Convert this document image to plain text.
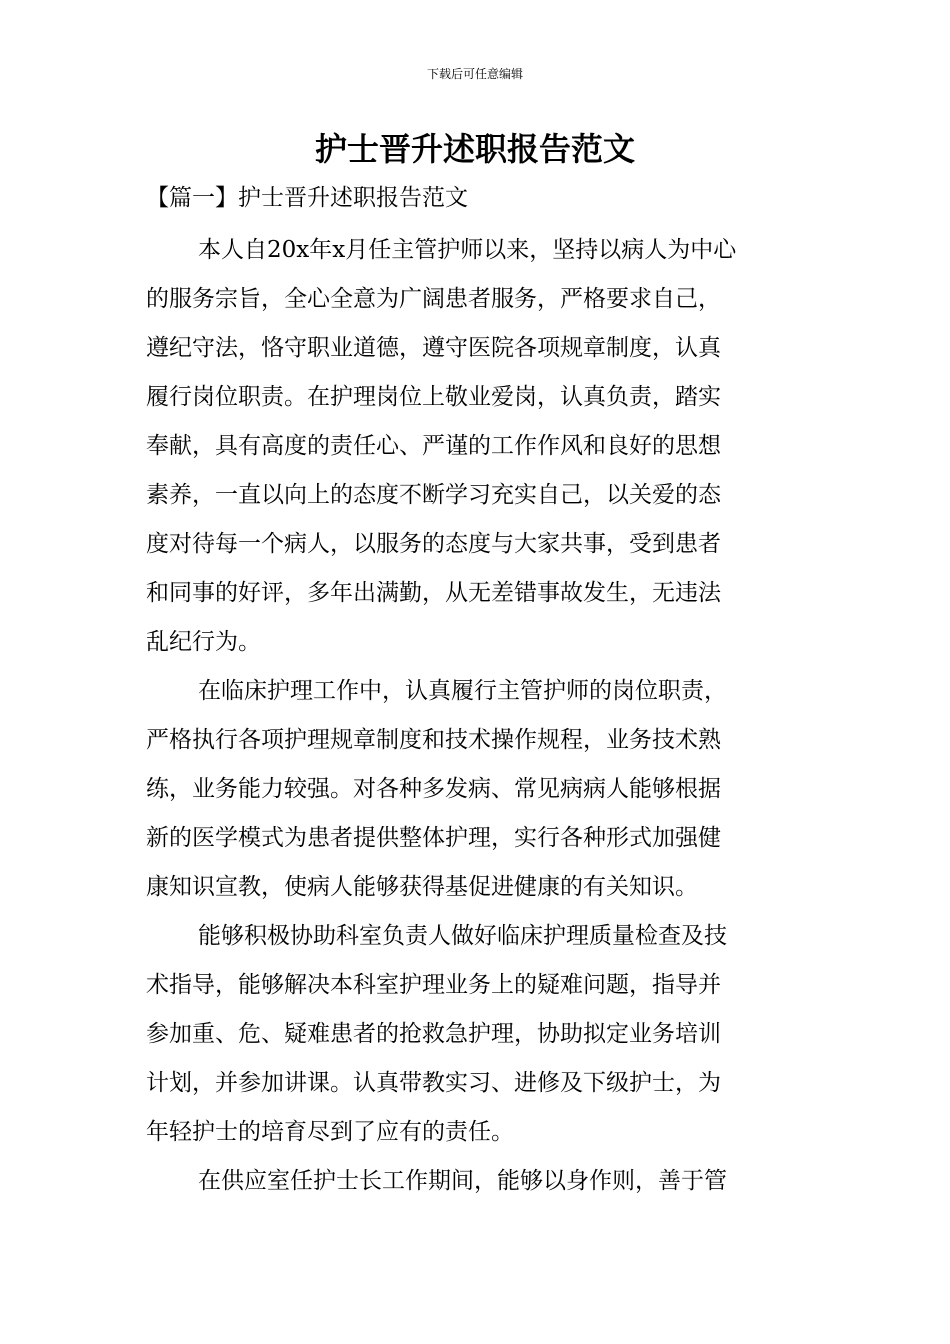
下载后可任意编辑
护士晋升述职报告范文
【篇一】护士晋升述职报告范文
本人自20x年x月任主管护师以来，坚持以病人为中心
的服务宗旨，全心全意为广阔患者服务，严格要求自己，
遵纪守法，恪守职业道德，遵守医院各项规章制度，认真
履行岗位职责。在护理岗位上敬业爱岗，认真负责，踏实
奉献，具有高度的责任心、严谨的工作作风和良好的思想
素养，一直以向上的态度不断学习充实自己，以关爱的态
度对待每一个病人，以服务的态度与大家共事，受到患者
和同事的好评，多年出满勤，从无差错事故发生，无违法
乱纪行为。
在临床护理工作中，认真履行主管护师的岗位职责，
严格执行各项护理规章制度和技术操作规程，业务技术熟
练，业务能力较强。对各种多发病、常见病病人能够根据
新的医学模式为患者提供整体护理，实行各种形式加强健
康知识宣教，使病人能够获得基促进健康的有关知识。
能够积极协助科室负责人做好临床护理质量检查及技
术指导，能够解决本科室护理业务上的疑难问题，指导并
参加重、危、疑难患者的抢救急护理，协助拟定业务培训
计划，并参加讲课。认真带教实习、进修及下级护士，为
年轻护士的培育尽到了应有的责任。
在供应室任护士长工作期间，能够以身作则，善于管
